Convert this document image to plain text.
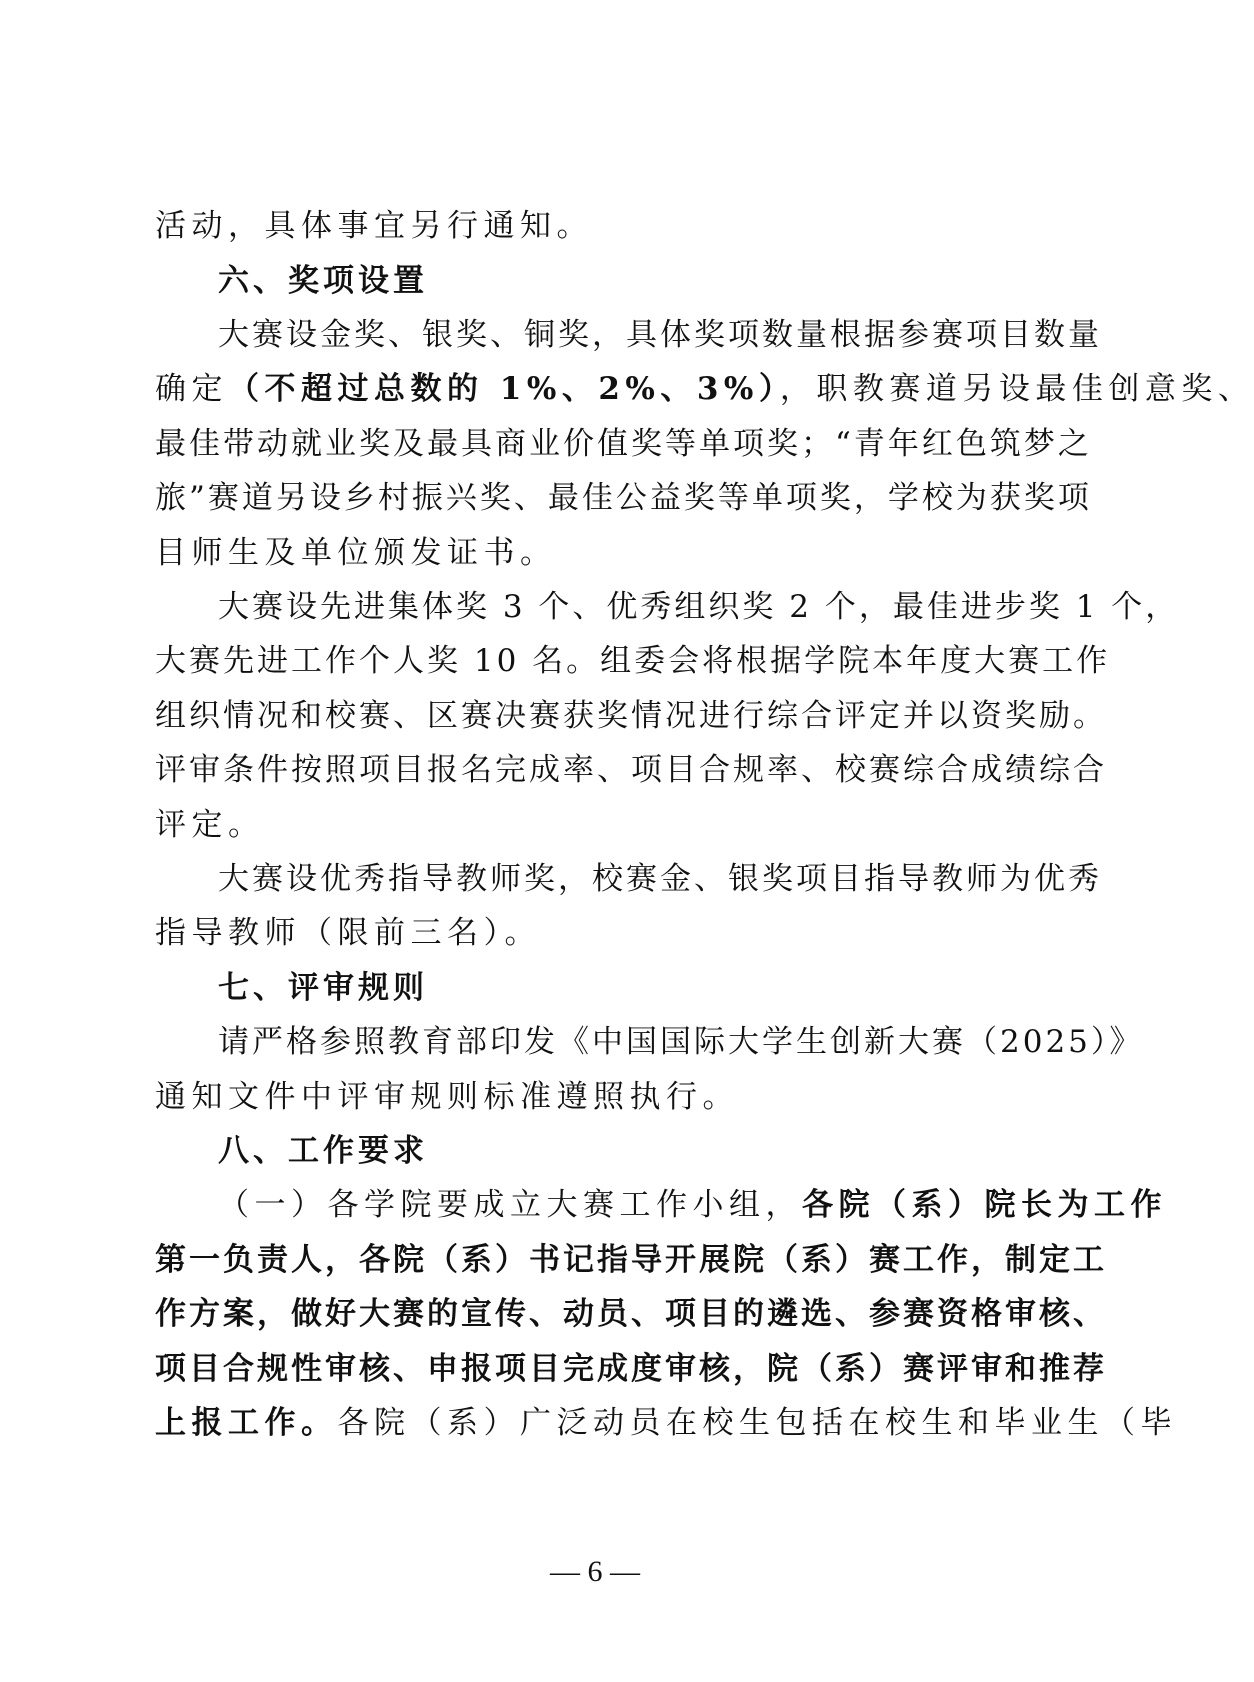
活动，具体事宜另行通知。
六、奖项设置
大赛设金奖、银奖、铜奖，具体奖项数量根据参赛项目数量
确定（不超过总数的 1%、2%、3%），职教赛道另设最佳创意奖、
最佳带动就业奖及最具商业价值奖等单项奖；“青年红色筑梦之
旅”赛道另设乡村振兴奖、最佳公益奖等单项奖，学校为获奖项
目师生及单位颁发证书。
大赛设先进集体奖 3 个、优秀组织奖 2 个，最佳进步奖 1 个，
大赛先进工作个人奖 10 名。组委会将根据学院本年度大赛工作
组织情况和校赛、区赛决赛获奖情况进行综合评定并以资奖励。
评审条件按照项目报名完成率、项目合规率、校赛综合成绩综合
评定。
大赛设优秀指导教师奖，校赛金、银奖项目指导教师为优秀
指导教师（限前三名）。
七、评审规则
请严格参照教育部印发《中国国际大学生创新大赛（2025）》
通知文件中评审规则标准遵照执行。
八、工作要求
（一）各学院要成立大赛工作小组，各院（系）院长为工作
第一负责人，各院（系）书记指导开展院（系）赛工作，制定工
作方案，做好大赛的宣传、动员、项目的遴选、参赛资格审核、
项目合规性审核、申报项目完成度审核，院（系）赛评审和推荐
上报工作。各院（系）广泛动员在校生包括在校生和毕业生（毕
— 6 —
